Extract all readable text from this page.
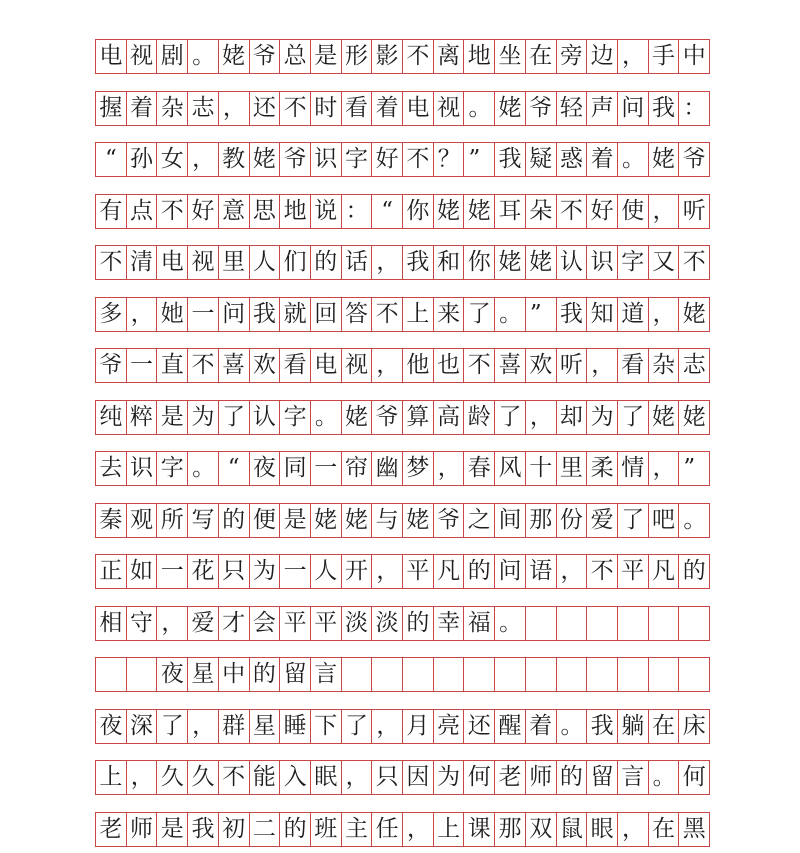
电 视 剧 。 姥 爷 总 是 形 影 不 离 地 坐 在 旁 边 ， 手 中
握 着 杂 志 ， 还 不 时 看 着 电 视 。 姥 爷 轻 声 问 我 ：
“ 孙 女 ， 教 姥 爷 识 字 好 不 ？ ” 我 疑 惑 着 。 姥 爷
有 点 不 好 意 思 地 说 ： “ 你 姥 姥 耳 朵 不 好 使 ， 听
不 清 电 视 里 人 们 的 话 ， 我 和 你 姥 姥 认 识 字 又 不
多 ， 她 一 问 我 就 回 答 不 上 来 了 。 ” 我 知 道 ， 姥
爷 一 直 不 喜 欢 看 电 视 ， 他 也 不 喜 欢 听 ， 看 杂 志
纯 粹 是 为 了 认 字 。 姥 爷 算 高 龄 了 ， 却 为 了 姥 姥
去 识 字 。 “ 夜 同 一 帘 幽 梦 ， 春 风 十 里 柔 情 ， ”
秦 观 所 写 的 便 是 姥 姥 与 姥 爷 之 间 那 份 爱 了 吧 。
正 如 一 花 只 为 一 人 开 ， 平 凡 的 问 语 ， 不 平 凡 的
相 守 ， 爱 才 会 平 平 淡 淡 的 幸 福 。
夜 星 中 的 留 言
夜 深 了 ， 群 星 睡 下 了 ， 月 亮 还 醒 着 。 我 躺 在 床
上 ， 久 久 不 能 入 眠 ， 只 因 为 何 老 师 的 留 言 。 何
老 师 是 我 初 二 的 班 主 任 ， 上 课 那 双 鼠 眼 ， 在 黑
